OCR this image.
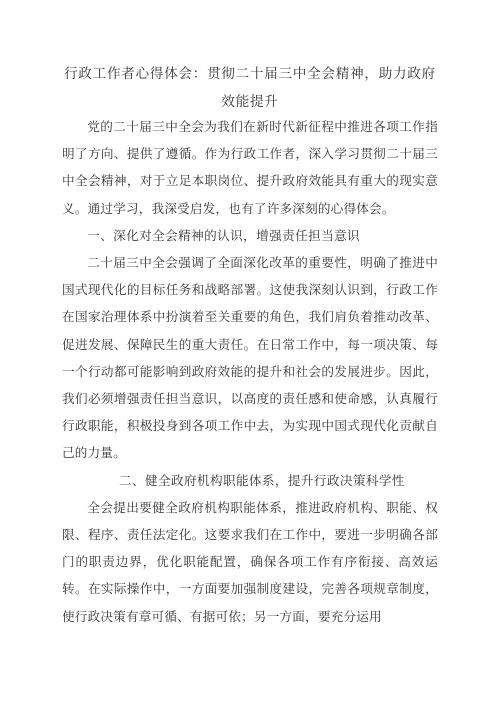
行政工作者心得体会：贯彻二十届三中全会精神，助力政府
效能提升

党的二十届三中全会为我们在新时代新征程中推进各项工作指明了方向、提供了遵循。作为行政工作者，深入学习贯彻二十届三中全会精神，对于立足本职岗位、提升政府效能具有重大的现实意义。通过学习，我深受启发，也有了许多深刻的心得体会。

一、深化对全会精神的认识，增强责任担当意识

二十届三中全会强调了全面深化改革的重要性，明确了推进中国式现代化的目标任务和战略部署。这使我深刻认识到，行政工作在国家治理体系中扮演着至关重要的角色，我们肩负着推动改革、促进发展、保障民生的重大责任。在日常工作中，每一项决策、每一个行动都可能影响到政府效能的提升和社会的发展进步。因此，我们必须增强责任担当意识，以高度的责任感和使命感，认真履行行政职能，积极投身到各项工作中去，为实现中国式现代化贡献自己的力量。

二、健全政府机构职能体系，提升行政决策科学性

全会提出要健全政府机构职能体系，推进政府机构、职能、权限、程序、责任法定化。这要求我们在工作中，要进一步明确各部门的职责边界，优化职能配置，确保各项工作有序衔接、高效运转。在实际操作中，一方面要加强制度建设，完善各项规章制度，使行政决策有章可循、有据可依；另一方面，要充分运用
